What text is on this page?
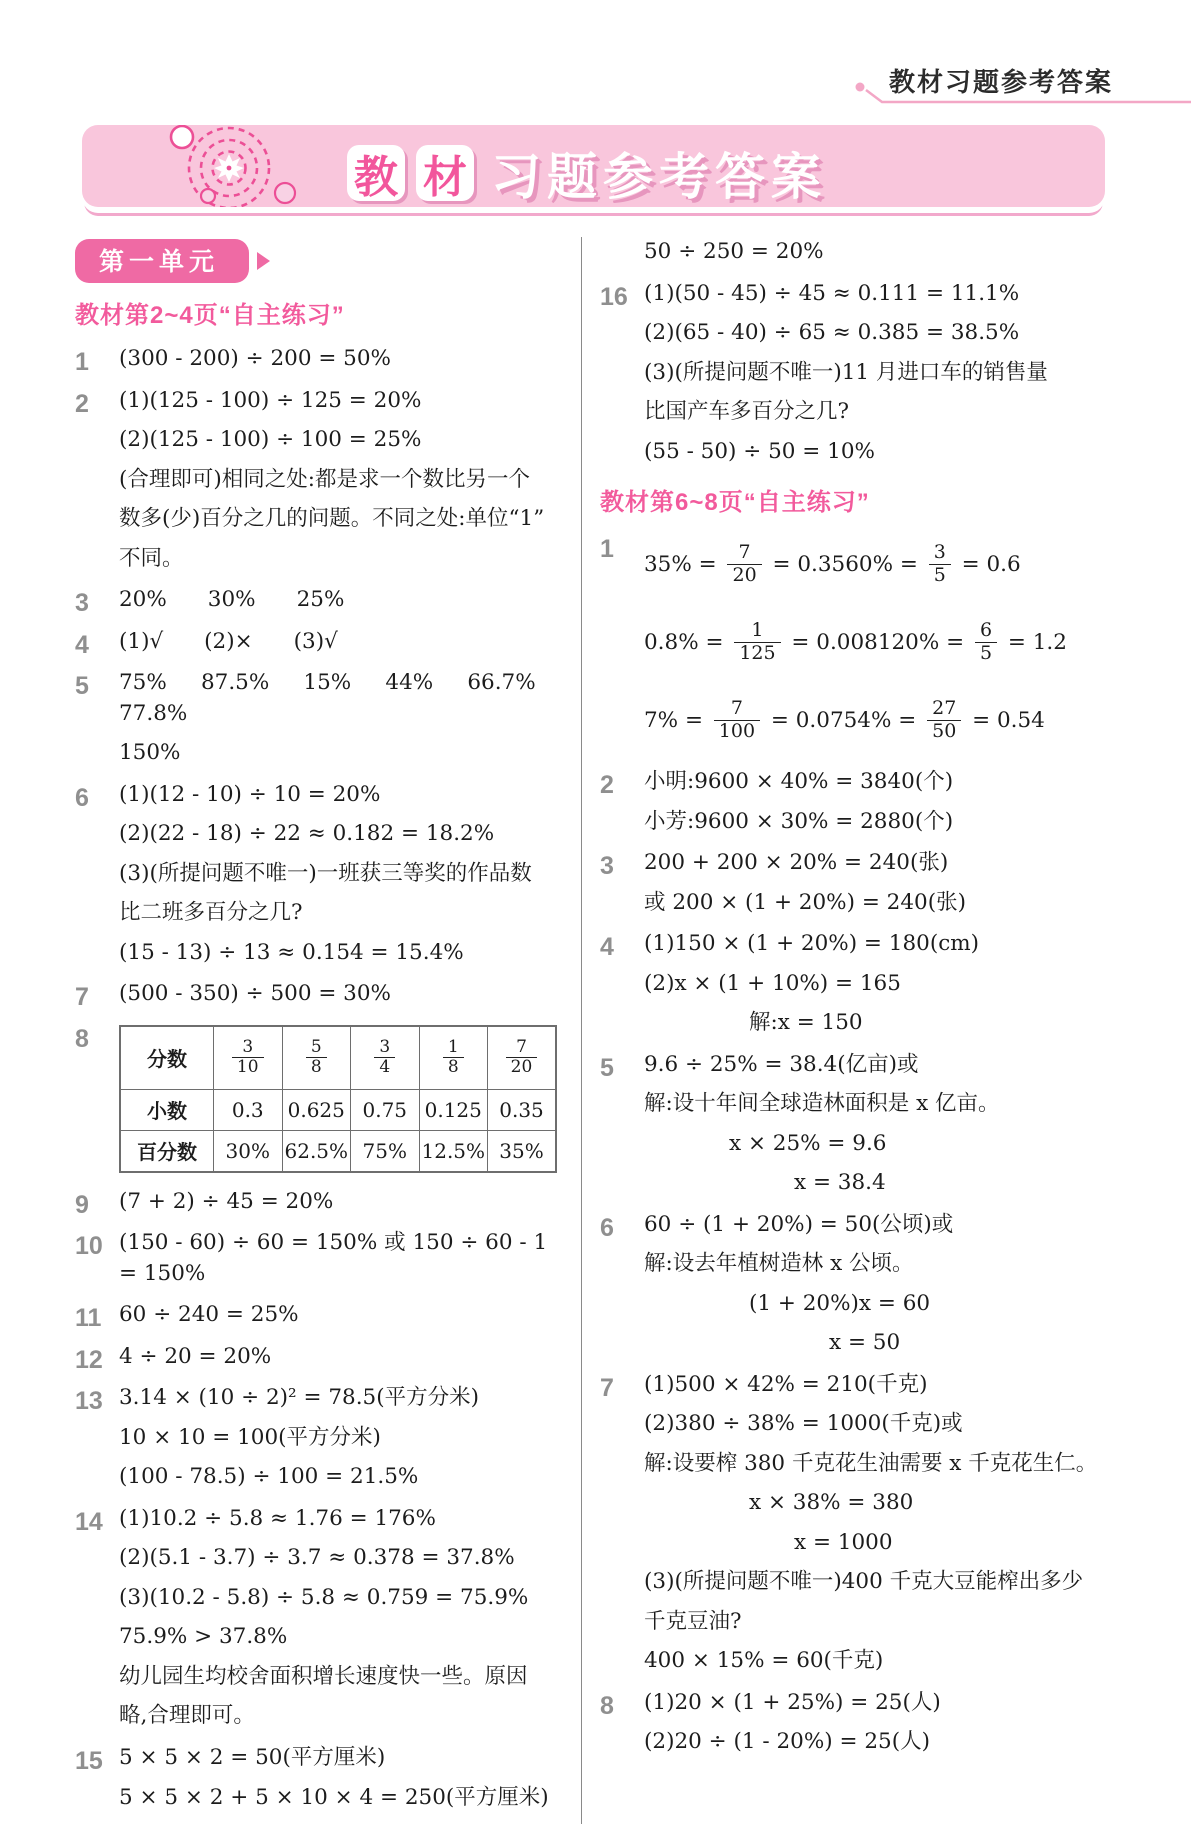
教材习题参考答案
教 材 习题参考答案
第一单元
教材第2~4页“自主练习”
1	(300 - 200) ÷ 200 = 50%
2	(1)(125 - 100) ÷ 125 = 20%
(2)(125 - 100) ÷ 100 = 25%
(合理即可)相同之处:都是求一个数比另一个
数多(少)百分之几的问题。不同之处:单位“1”
不同。
3	20%      30%      25%
4	(1)√      (2)×      (3)√
5	75%     87.5%     15%     44%     66.7%     77.8%
150%
6	(1)(12 - 10) ÷ 10 = 20%
(2)(22 - 18) ÷ 22 ≈ 0.182 = 18.2%
(3)(所提问题不唯一)一班获三等奖的作品数
比二班多百分之几?
(15 - 13) ÷ 13 ≈ 0.154 = 15.4%
7	(500 - 350) ÷ 500 = 30%
8
分数	$\frac{3}{10}$	$\frac{5}{8}$	$\frac{3}{4}$	$\frac{1}{8}$	$\frac{7}{20}$

小数	0.3	0.625	0.75	0.125	0.35
百分数	30%	62.5%	75%	12.5%	35%
9	(7 + 2) ÷ 45 = 20%
10 (150 - 60) ÷ 60 = 150% 或 150 ÷ 60 - 1 = 150%
11 60 ÷ 240 = 25%
12 4 ÷ 20 = 20%
13 3.14 × (10 ÷ 2)² = 78.5(平方分米)
10 × 10 = 100(平方分米)
(100 - 78.5) ÷ 100 = 21.5%
14 (1)10.2 ÷ 5.8 ≈ 1.76 = 176%
(2)(5.1 - 3.7) ÷ 3.7 ≈ 0.378 = 37.8%
(3)(10.2 - 5.8) ÷ 5.8 ≈ 0.759 = 75.9%
75.9% > 37.8%
幼儿园生均校舍面积增长速度快一些。原因
略,合理即可。
15 5 × 5 × 2 = 50(平方厘米)
5 × 5 × 2 + 5 × 10 × 4 = 250(平方厘米)
50 ÷ 250 = 20%
16 (1)(50 - 45) ÷ 45 ≈ 0.111 = 11.1%
(2)(65 - 40) ÷ 65 ≈ 0.385 = 38.5%
(3)(所提问题不唯一)11 月进口车的销售量
比国产车多百分之几?
(55 - 50) ÷ 50 = 10%
教材第6~8页“自主练习”
1
$35\% = \frac{7}{20} = 0.35$ $60\% = \frac{3}{5} = 0.6$
$0.8\% = \frac{1}{125} = 0.008$ $120\% = \frac{6}{5} = 1.2$
$7\% = \frac{7}{100} = 0.07$ $54\% = \frac{27}{50} = 0.54$
2	小明:9600 × 40% = 3840(个)
小芳:9600 × 30% = 2880(个)
3	200 + 200 × 20% = 240(张)
或 200 × (1 + 20%) = 240(张)
4	(1)150 × (1 + 20%) = 180(cm)
(2)x × (1 + 10%) = 165
解:x = 150
5	9.6 ÷ 25% = 38.4(亿亩)或
解:设十年间全球造林面积是 x 亿亩。
x × 25% = 9.6
x = 38.4
6	60 ÷ (1 + 20%) = 50(公顷)或
解:设去年植树造林 x 公顷。
(1 + 20%)x = 60
x = 50
7	(1)500 × 42% = 210(千克)
(2)380 ÷ 38% = 1000(千克)或
解:设要榨 380 千克花生油需要 x 千克花生仁。
x × 38% = 380
x = 1000
(3)(所提问题不唯一)400 千克大豆能榨出多少
千克豆油?
400 × 15% = 60(千克)
8	(1)20 × (1 + 25%) = 25(人)
(2)20 ÷ (1 - 20%) = 25(人)
